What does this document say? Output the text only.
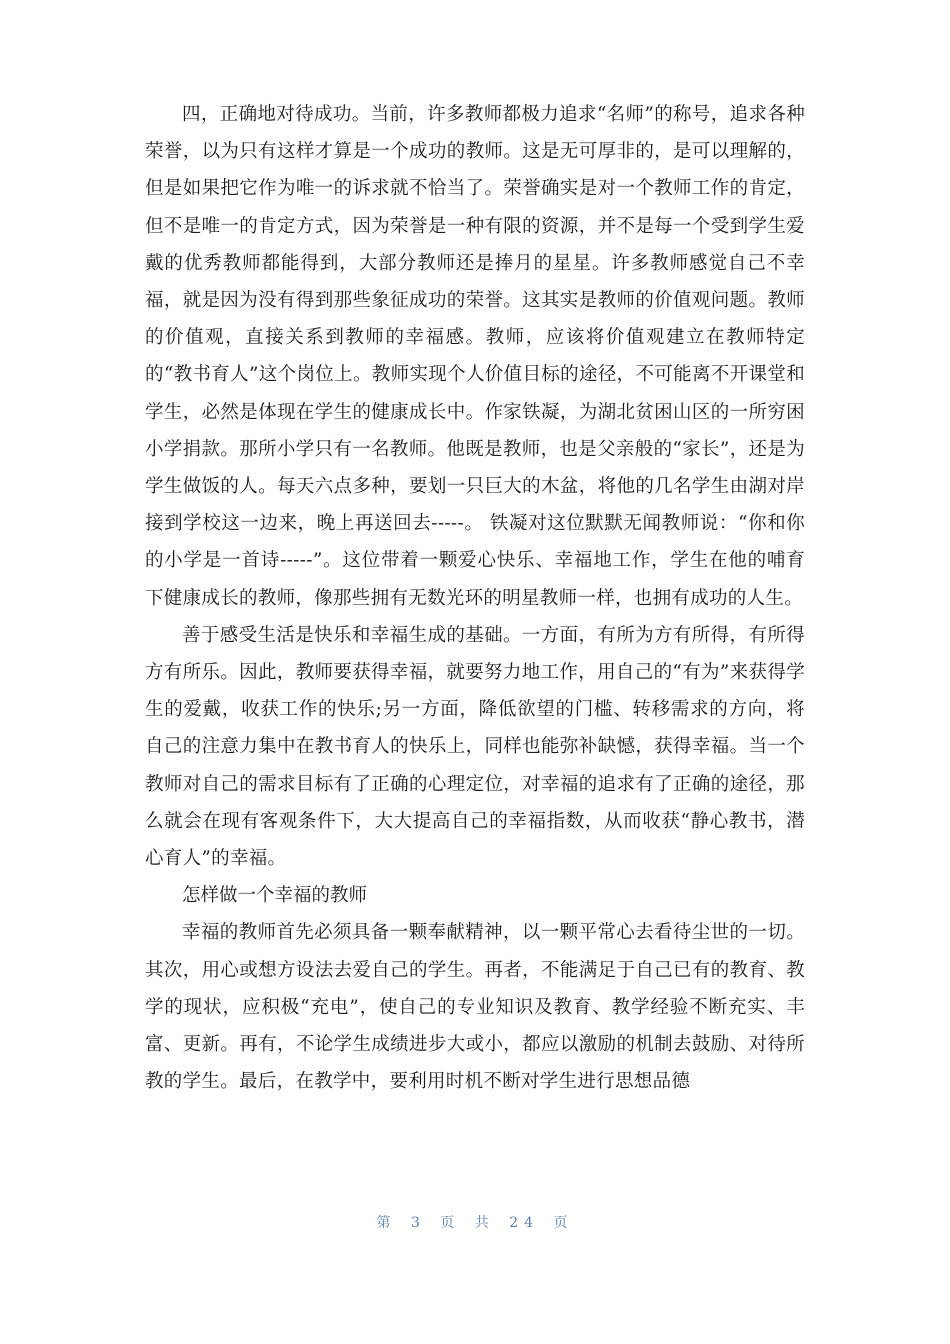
四，正确地对待成功。当前，许多教师都极力追求“名师”的称号，追求各种荣誉，以为只有这样才算是一个成功的教师。这是无可厚非的，是可以理解的，但是如果把它作为唯一的诉求就不恰当了。荣誉确实是对一个教师工作的肯定，但不是唯一的肯定方式，因为荣誉是一种有限的资源，并不是每一个受到学生爱戴的优秀教师都能得到，大部分教师还是捧月的星星。许多教师感觉自己不幸福，就是因为没有得到那些象征成功的荣誉。这其实是教师的价值观问题。教师的价值观，直接关系到教师的幸福感。教师，应该将价值观建立在教师特定的“教书育人”这个岗位上。教师实现个人价值目标的途径，不可能离不开课堂和学生，必然是体现在学生的健康成长中。作家铁凝，为湖北贫困山区的一所穷困小学捐款。那所小学只有一名教师。他既是教师，也是父亲般的“家长”，还是为学生做饭的人。每天六点多种，要划一只巨大的木盆，将他的几名学生由湖对岸接到学校这一边来，晚上再送回去-----。 铁凝对这位默默无闻教师说：“你和你的小学是一首诗-----”。这位带着一颗爱心快乐、幸福地工作，学生在他的哺育下健康成长的教师，像那些拥有无数光环的明星教师一样，也拥有成功的人生。

善于感受生活是快乐和幸福生成的基础。一方面，有所为方有所得，有所得方有所乐。因此，教师要获得幸福，就要努力地工作，用自己的“有为”来获得学生的爱戴，收获工作的快乐;另一方面，降低欲望的门槛、转移需求的方向，将自己的注意力集中在教书育人的快乐上，同样也能弥补缺憾，获得幸福。当一个教师对自己的需求目标有了正确的心理定位，对幸福的追求有了正确的途径，那么就会在现有客观条件下，大大提高自己的幸福指数，从而收获“静心教书，潜心育人”的幸福。

怎样做一个幸福的教师

幸福的教师首先必须具备一颗奉献精神，以一颗平常心去看待尘世的一切。其次，用心或想方设法去爱自己的学生。再者，不能满足于自己已有的教育、教学的现状，应积极“充电”，使自己的专业知识及教育、教学经验不断充实、丰富、更新。再有，不论学生成绩进步大或小，都应以激励的机制去鼓励、对待所教的学生。最后，在教学中，要利用时机不断对学生进行思想品德

第 3 页 共 24 页
